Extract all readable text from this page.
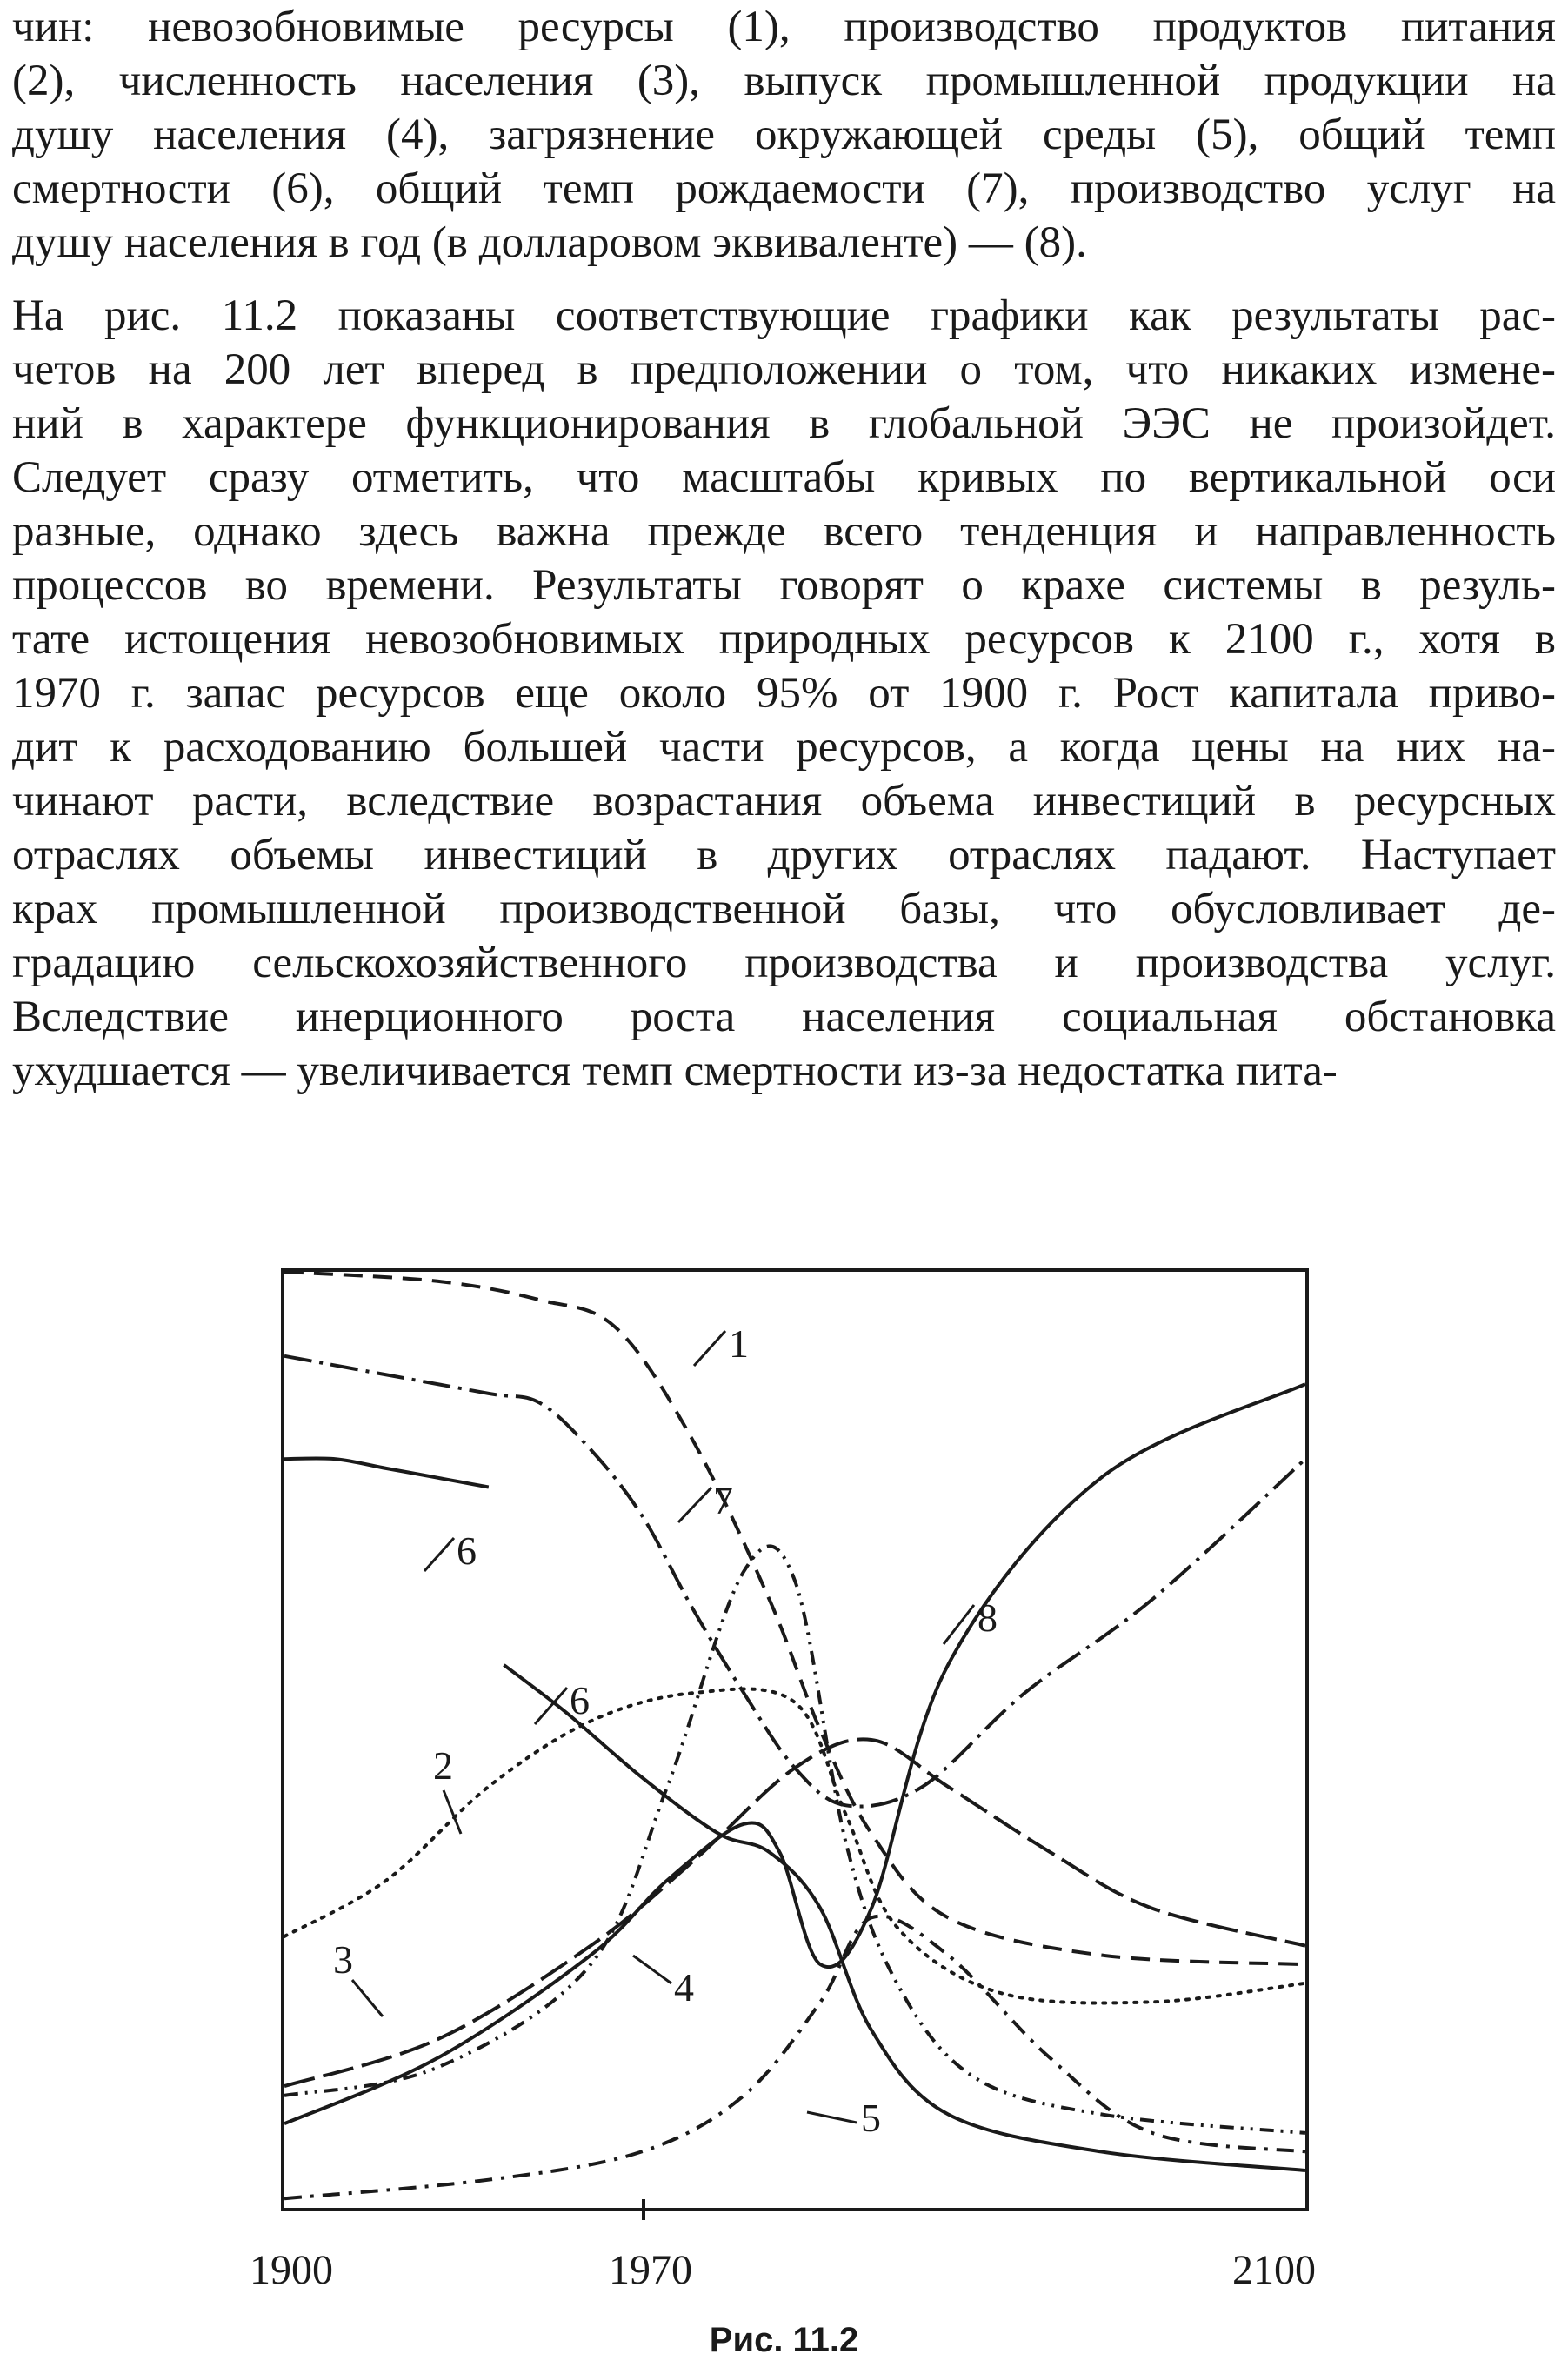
чин: невозобновимые ресурсы (1), производство продуктов питания
(2), численность населения (3), выпуск промышленной продукции на
душу населения (4), загрязнение окружающей среды (5), общий темп
смертности (6), общий темп рождаемости (7), производство услуг на
душу населения в год (в долларовом эквиваленте) — (8).

На рис. 11.2 показаны соответствующие графики как результаты рас-
четов на 200 лет вперед в предположении о том, что никаких измене-
ний в характере функционирования в глобальной ЭЭС не произойдет.
Следует сразу отметить, что масштабы кривых по вертикальной оси
разные, однако здесь важна прежде всего тенденция и направленность
процессов во времени. Результаты говорят о крахе системы в резуль-
тате истощения невозобновимых природных ресурсов к 2100 г., хотя в
1970 г. запас ресурсов еще около 95% от 1900 г. Рост капитала приво-
дит к расходованию большей части ресурсов, а когда цены на них на-
чинают расти, вследствие возрастания объема инвестиций в ресурсных
отраслях объемы инвестиций в других отраслях падают. Наступает
крах промышленной производственной базы, что обусловливает де-
градацию сельскохозяйственного производства и производства услуг.
Вследствие инерционного роста населения социальная обстановка
ухудшается — увеличивается темп смертности из-за недостатка пита-

1900	1970	2100
1
7
6
8
6
2
3
4
5
Рис. 11.2
